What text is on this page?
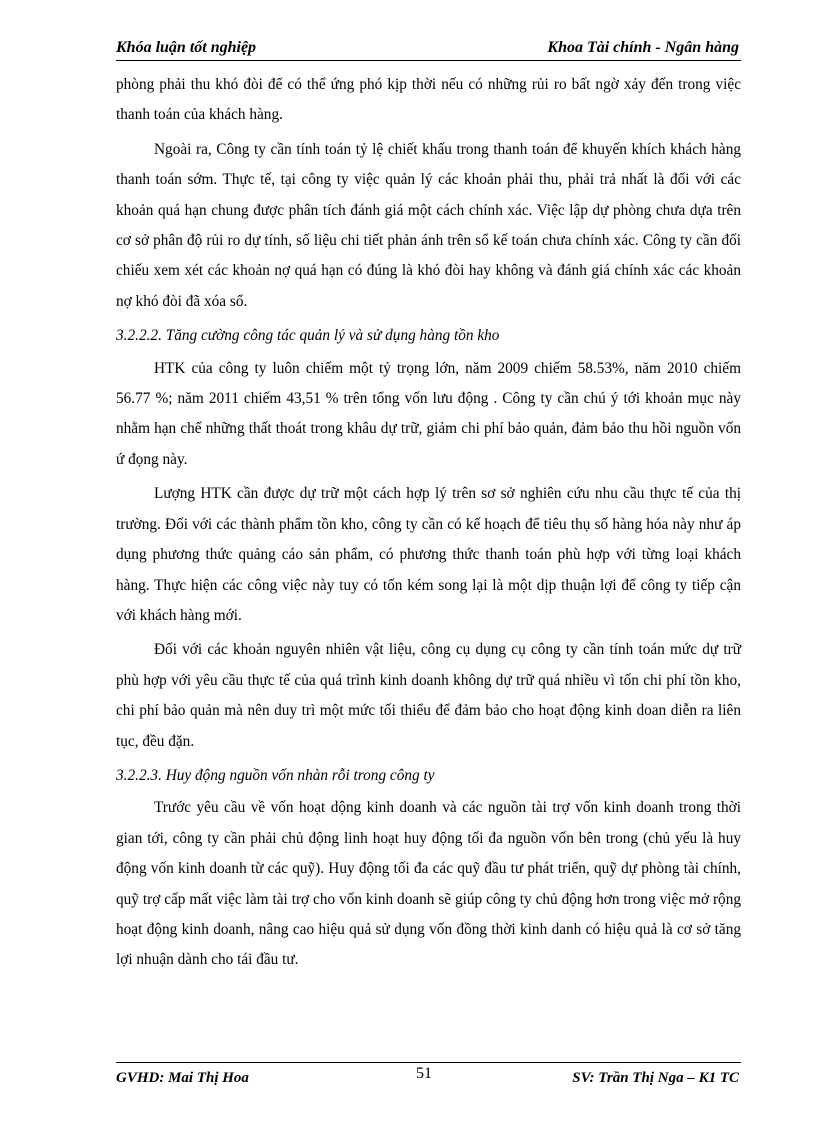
Khóa luận tốt nghiệp	Khoa Tài chính - Ngân hàng

phòng phải thu khó đòi để có thể ứng phó kịp thời nếu có những rủi ro bất ngờ xảy đến trong việc thanh toán của khách hàng.

Ngoài ra, Công ty cần tính toán tỷ lệ chiết khấu trong thanh toán để khuyến khích khách hàng thanh toán sớm. Thực tế, tại công ty việc quản lý các khoản phải thu, phải trả nhất là đối với các khoản quá hạn chung được phân tích đánh giá một cách chính xác. Việc lập dự phòng chưa dựa trên cơ sở phân độ rủi ro dự tính, số liệu chi tiết phản ánh trên sổ kế toán chưa chính xác. Công ty cần đối chiếu xem xét các khoản nợ quá hạn có đúng là khó đòi hay không và đánh giá chính xác các khoản nợ khó đòi đã xóa sổ.

3.2.2.2. Tăng cường công tác quản lý và sử dụng hàng tồn kho

HTK của công ty luôn chiếm một tỷ trọng lớn, năm 2009 chiếm 58.53%, năm 2010 chiếm 56.77 %; năm 2011 chiếm 43,51 % trên tổng vốn lưu động . Công ty cần chú ý tới khoản mục này nhằm hạn chế những thất thoát trong khâu dự trữ, giảm chi phí bảo quản, đảm bảo thu hồi nguồn vốn ứ đọng này.

Lượng HTK cần được dự trữ một cách hợp lý trên sơ sở nghiên cứu nhu cầu thực tế của thị trường. Đối với các thành phẩm tồn kho, công ty cần có kế hoạch để tiêu thụ số hàng hóa này như áp dụng phương thức quảng cáo sản phẩm, có phương thức thanh toán phù hợp với từng loại khách hàng. Thực hiện các công việc này tuy có tốn kém song lại là một dịp thuận lợi để công ty tiếp cận với khách hàng mới.

Đối với các khoản nguyên nhiên vật liệu, công cụ dụng cụ công ty cần tính toán mức dự trữ phù hợp với yêu cầu thực tế của quá trình kinh doanh không dự trữ quá nhiều vì tốn chi phí tồn kho, chi phí bảo quản mà nên duy trì một mức tối thiểu để đảm bảo cho hoạt động kinh doan diễn ra liên tục, đều đặn.

3.2.2.3. Huy động nguồn vốn nhàn rỗi trong công ty

Trước yêu cầu về vốn hoạt dộng kinh doanh và các nguồn tài trợ vốn kinh doanh trong thời gian tới, công ty cần phải chủ động linh hoạt huy động tối đa nguồn vốn bên trong (chủ yếu là huy động vốn kinh doanh từ các quỹ). Huy động tối đa các quỹ đầu tư phát triển, quỹ dự phòng tài chính, quỹ trợ cấp mất việc làm tài trợ cho vốn kinh doanh sẽ giúp công ty chủ động hơn trong việc mở rộng hoạt động kinh doanh, nâng cao hiệu quả sử dụng vốn đồng thời kinh danh có hiệu quả là cơ sở tăng lợi nhuận dành cho tái đầu tư.

GVHD: Mai Thị Hoa	51	SV: Trần Thị Nga – K1 TC
